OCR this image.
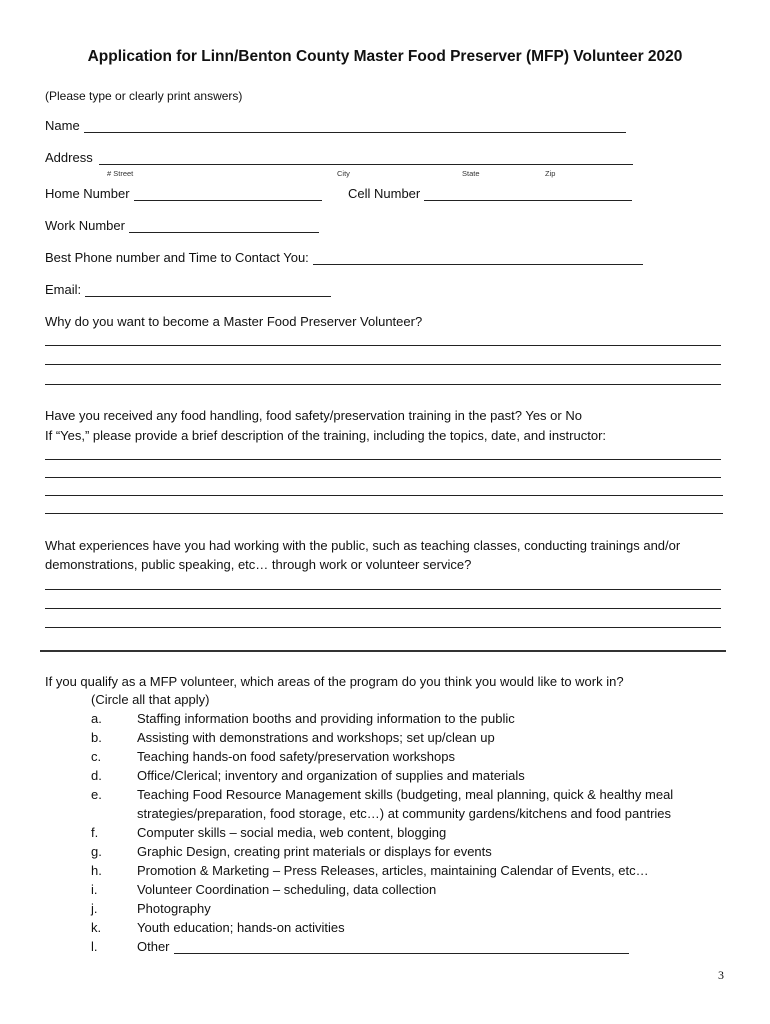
Application for Linn/Benton County Master Food Preserver (MFP) Volunteer 2020
(Please type or clearly print answers)
Name
Address
# Street	City	State	Zip
Home Number	Cell Number
Work Number
Best Phone number and Time to Contact You:
Email:
Why do you want to become a Master Food Preserver Volunteer?
Have you received any food handling, food safety/preservation training in the past? Yes or No
If “Yes,” please provide a brief description of the training, including the topics, date, and instructor:
What experiences have you had working with the public, such as teaching classes, conducting trainings and/or
demonstrations, public speaking, etc… through work or volunteer service?
If you qualify as a MFP volunteer, which areas of the program do you think you would like to work in?
(Circle all that apply)
a.	Staffing information booths and providing information to the public
b.	Assisting with demonstrations and workshops; set up/clean up
c.	Teaching hands-on food safety/preservation workshops
d.	Office/Clerical; inventory and organization of supplies and materials
e.	Teaching Food Resource Management skills (budgeting, meal planning, quick & healthy meal
strategies/preparation, food storage, etc…) at community gardens/kitchens and food pantries
f.	Computer skills – social media, web content, blogging
g.	Graphic Design, creating print materials or displays for events
h.	Promotion & Marketing – Press Releases, articles, maintaining Calendar of Events, etc…
i.	Volunteer Coordination – scheduling, data collection
j.	Photography
k.	Youth education; hands-on activities
l.	Other
3
